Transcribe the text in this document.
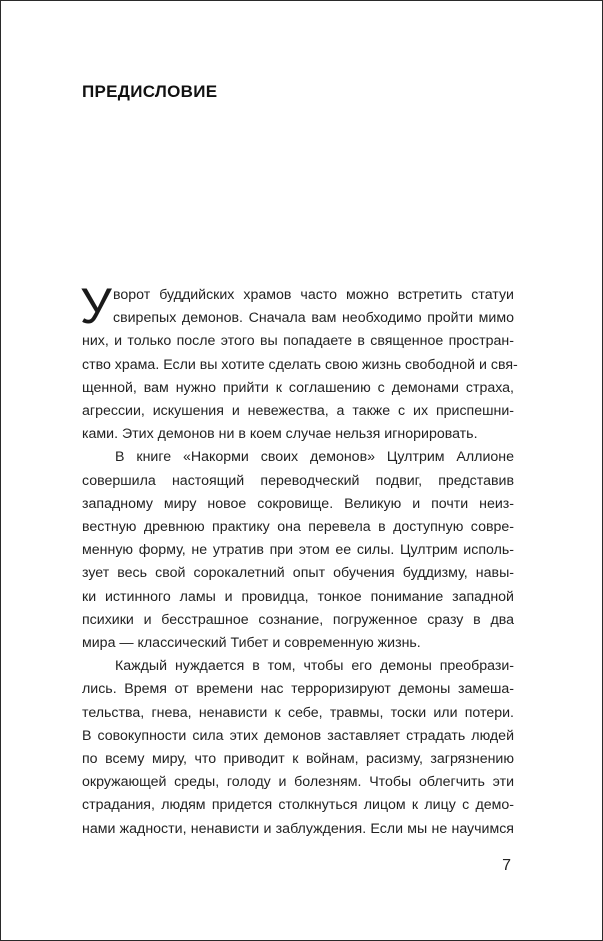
ПРЕДИСЛОВИЕ
У ворот буддийских храмов часто можно встретить статуи
свирепых демонов. Сначала вам необходимо пройти мимо
них, и только после этого вы попадаете в священное простран-
ство храма. Если вы хотите сделать свою жизнь свободной и свя-
щенной, вам нужно прийти к соглашению с демонами страха,
агрессии, искушения и невежества, а также с их приспешни-
ками. Этих демонов ни в коем случае нельзя игнорировать.
В книге «Накорми своих демонов» Цултрим Аллионе
совершила настоящий переводческий подвиг, представив
западному миру новое сокровище. Великую и почти неиз-
вестную древнюю практику она перевела в доступную совре-
менную форму, не утратив при этом ее силы. Цултрим исполь-
зует весь свой сорокалетний опыт обучения буддизму, навы-
ки истинного ламы и провидца, тонкое понимание западной
психики и бесстрашное сознание, погруженное сразу в два
мира — классический Тибет и современную жизнь.
Каждый нуждается в том, чтобы его демоны преобрази-
лись. Время от времени нас терроризируют демоны замеша-
тельства, гнева, ненависти к себе, травмы, тоски или потери.
В совокупности сила этих демонов заставляет страдать людей
по всему миру, что приводит к войнам, расизму, загрязнению
окружающей среды, голоду и болезням. Чтобы облегчить эти
страдания, людям придется столкнуться лицом к лицу с демо-
нами жадности, ненависти и заблуждения. Если мы не научимся
7
